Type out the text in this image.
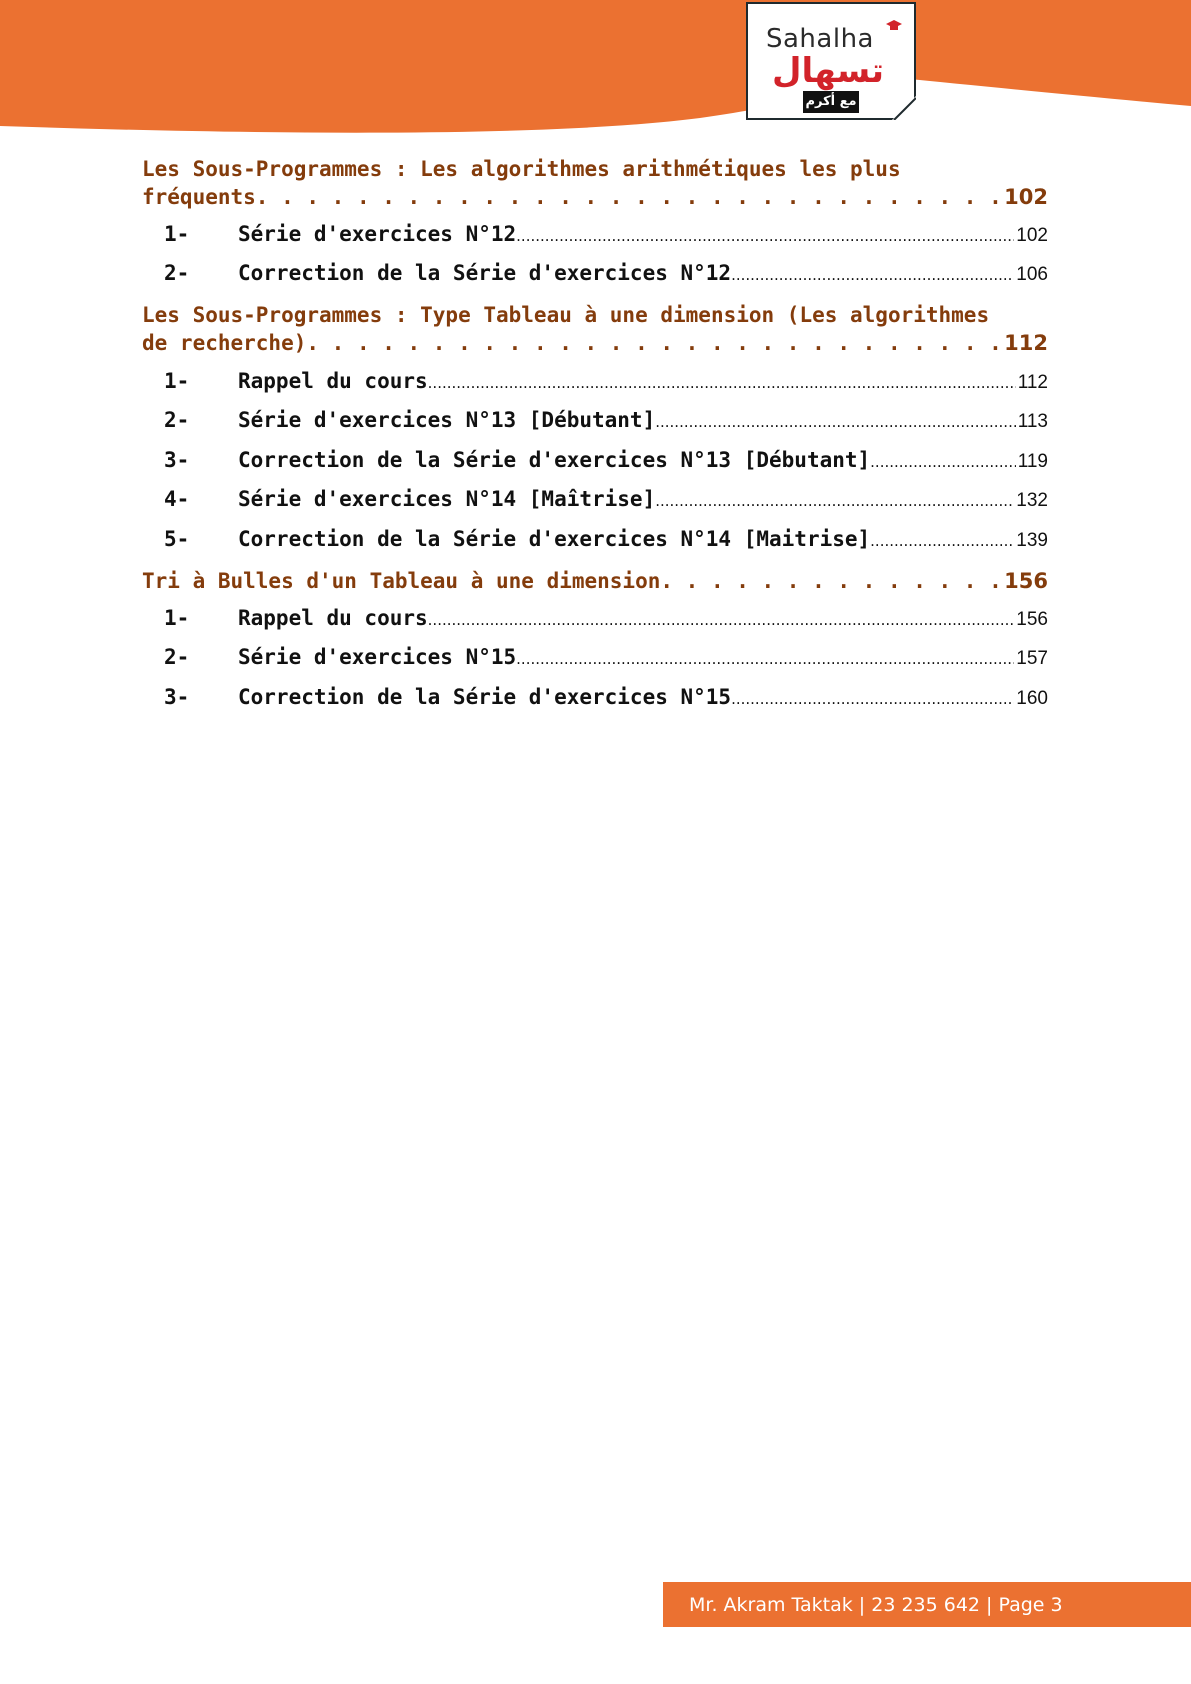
Sahalha
تسهال
مع أكرم
Les Sous-Programmes : Les algorithmes arithmétiques les plus
fréquents . . .	102
1-	Série d'exercices N°12 .....	102
2-	Correction de la Série d'exercices N°12 .....	106
Les Sous-Programmes : Type Tableau à une dimension (Les algorithmes
de recherche) . . .	112
1-	Rappel du cours .....	112
2-	Série d'exercices N°13 [Débutant] .....	113
3-	Correction de la Série d'exercices N°13 [Débutant] .....	119
4-	Série d'exercices N°14 [Maîtrise] .....	132
5-	Correction de la Série d'exercices N°14 [Maitrise] .....	139
Tri à Bulles d'un Tableau à une dimension . . .	156
1-	Rappel du cours .....	156
2-	Série d'exercices N°15 .....	157
3-	Correction de la Série d'exercices N°15 .....	160
Mr. Akram Taktak | 23 235 642 | Page 3
